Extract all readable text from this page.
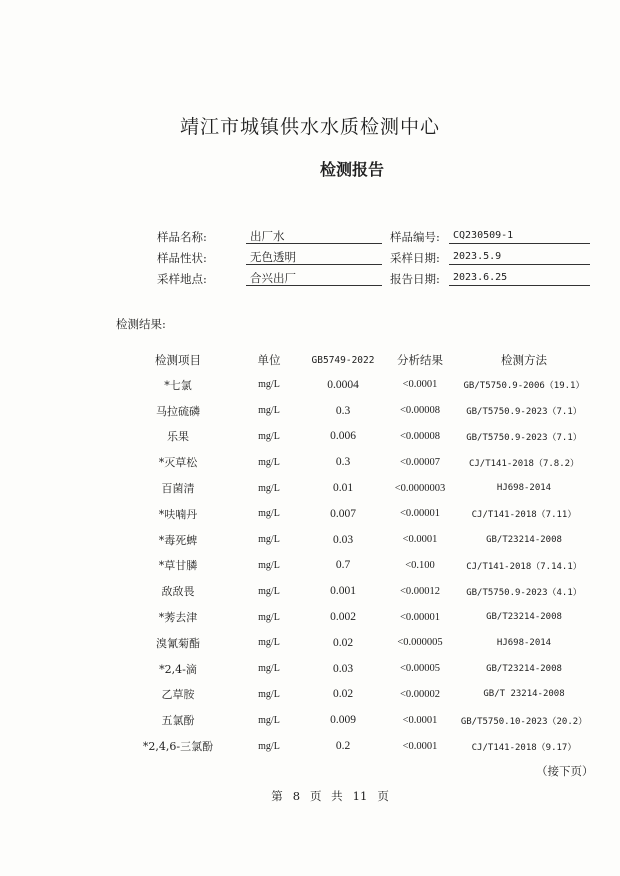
靖江市城镇供水水质检测中心
检测报告
样品名称:	出厂水	样品编号:	CQ230509-1
样品性状:	无色透明	采样日期:	2023.5.9
采样地点:	合兴出厂	报告日期:	2023.6.25
检测结果:
检测项目	单位	GB5749-2022	分析结果	检测方法
*七氯	mg/L	0.0004	<0.0001	GB/T5750.9-2006（19.1）
马拉硫磷	mg/L	0.3	<0.00008	GB/T5750.9-2023（7.1）
乐果	mg/L	0.006	<0.00008	GB/T5750.9-2023（7.1）
*灭草松	mg/L	0.3	<0.00007	CJ/T141-2018（7.8.2）
百菌清	mg/L	0.01	<0.0000003	HJ698-2014
*呋喃丹	mg/L	0.007	<0.00001	CJ/T141-2018（7.11）
*毒死蜱	mg/L	0.03	<0.0001	GB/T23214-2008
*草甘膦	mg/L	0.7	<0.100	CJ/T141-2018（7.14.1）
敌敌畏	mg/L	0.001	<0.00012	GB/T5750.9-2023（4.1）
*莠去津	mg/L	0.002	<0.00001	GB/T23214-2008
溴氰菊酯	mg/L	0.02	<0.000005	HJ698-2014
*2,4-滴	mg/L	0.03	<0.00005	GB/T23214-2008
乙草胺	mg/L	0.02	<0.00002	GB/T 23214-2008
五氯酚	mg/L	0.009	<0.0001	GB/T5750.10-2023（20.2）
*2,4,6-三氯酚	mg/L	0.2	<0.0001	CJ/T141-2018（9.17）
（接下页）
第 8 页 共 11 页
